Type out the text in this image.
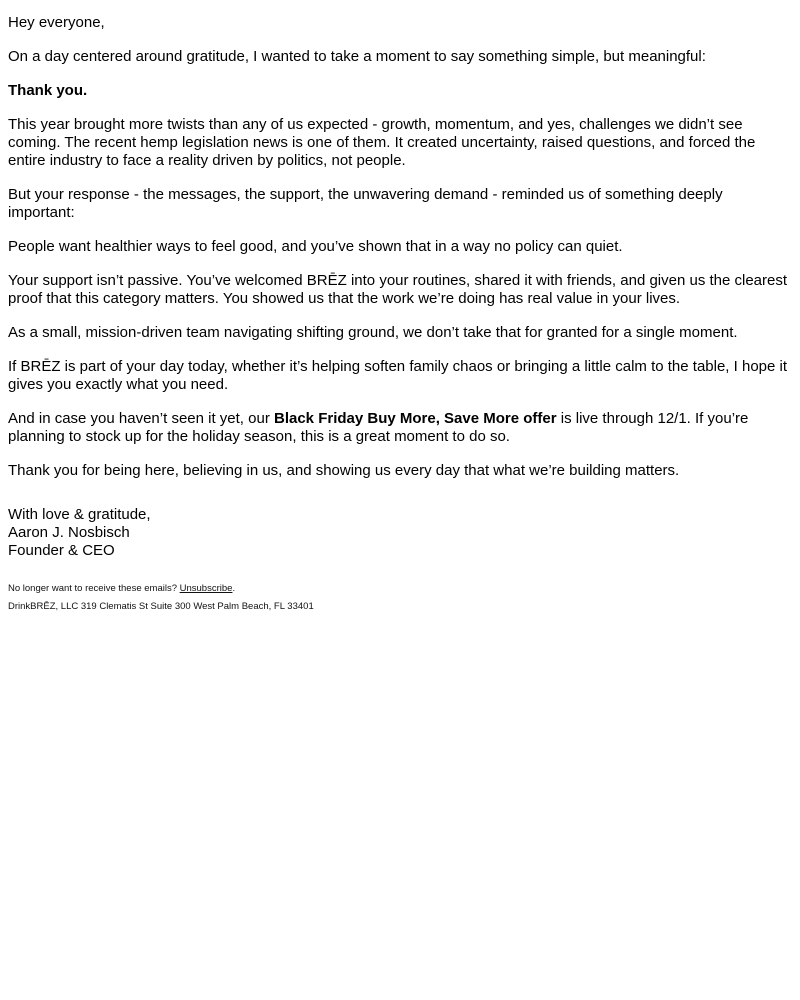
Hey everyone,

On a day centered around gratitude, I wanted to take a moment to say something simple, but meaningful:

Thank you.

This year brought more twists than any of us expected - growth, momentum, and yes, challenges we didn’t see coming. The recent hemp legislation news is one of them. It created uncertainty, raised questions, and forced the entire industry to face a reality driven by politics, not people.

But your response - the messages, the support, the unwavering demand - reminded us of something deeply important:

People want healthier ways to feel good, and you’ve shown that in a way no policy can quiet.

Your support isn’t passive. You’ve welcomed BRĒZ into your routines, shared it with friends, and given us the clearest proof that this category matters. You showed us that the work we’re doing has real value in your lives.

As a small, mission-driven team navigating shifting ground, we don’t take that for granted for a single moment.

If BRĒZ is part of your day today, whether it’s helping soften family chaos or bringing a little calm to the table, I hope it gives you exactly what you need.

And in case you haven’t seen it yet, our Black Friday Buy More, Save More offer is live through 12/1. If you’re planning to stock up for the holiday season, this is a great moment to do so.

Thank you for being here, believing in us, and showing us every day that what we’re building matters.

With love & gratitude,
Aaron J. Nosbisch
Founder & CEO

No longer want to receive these emails? Unsubscribe.

DrinkBRĒZ, LLC 319 Clematis St Suite 300 West Palm Beach, FL 33401
